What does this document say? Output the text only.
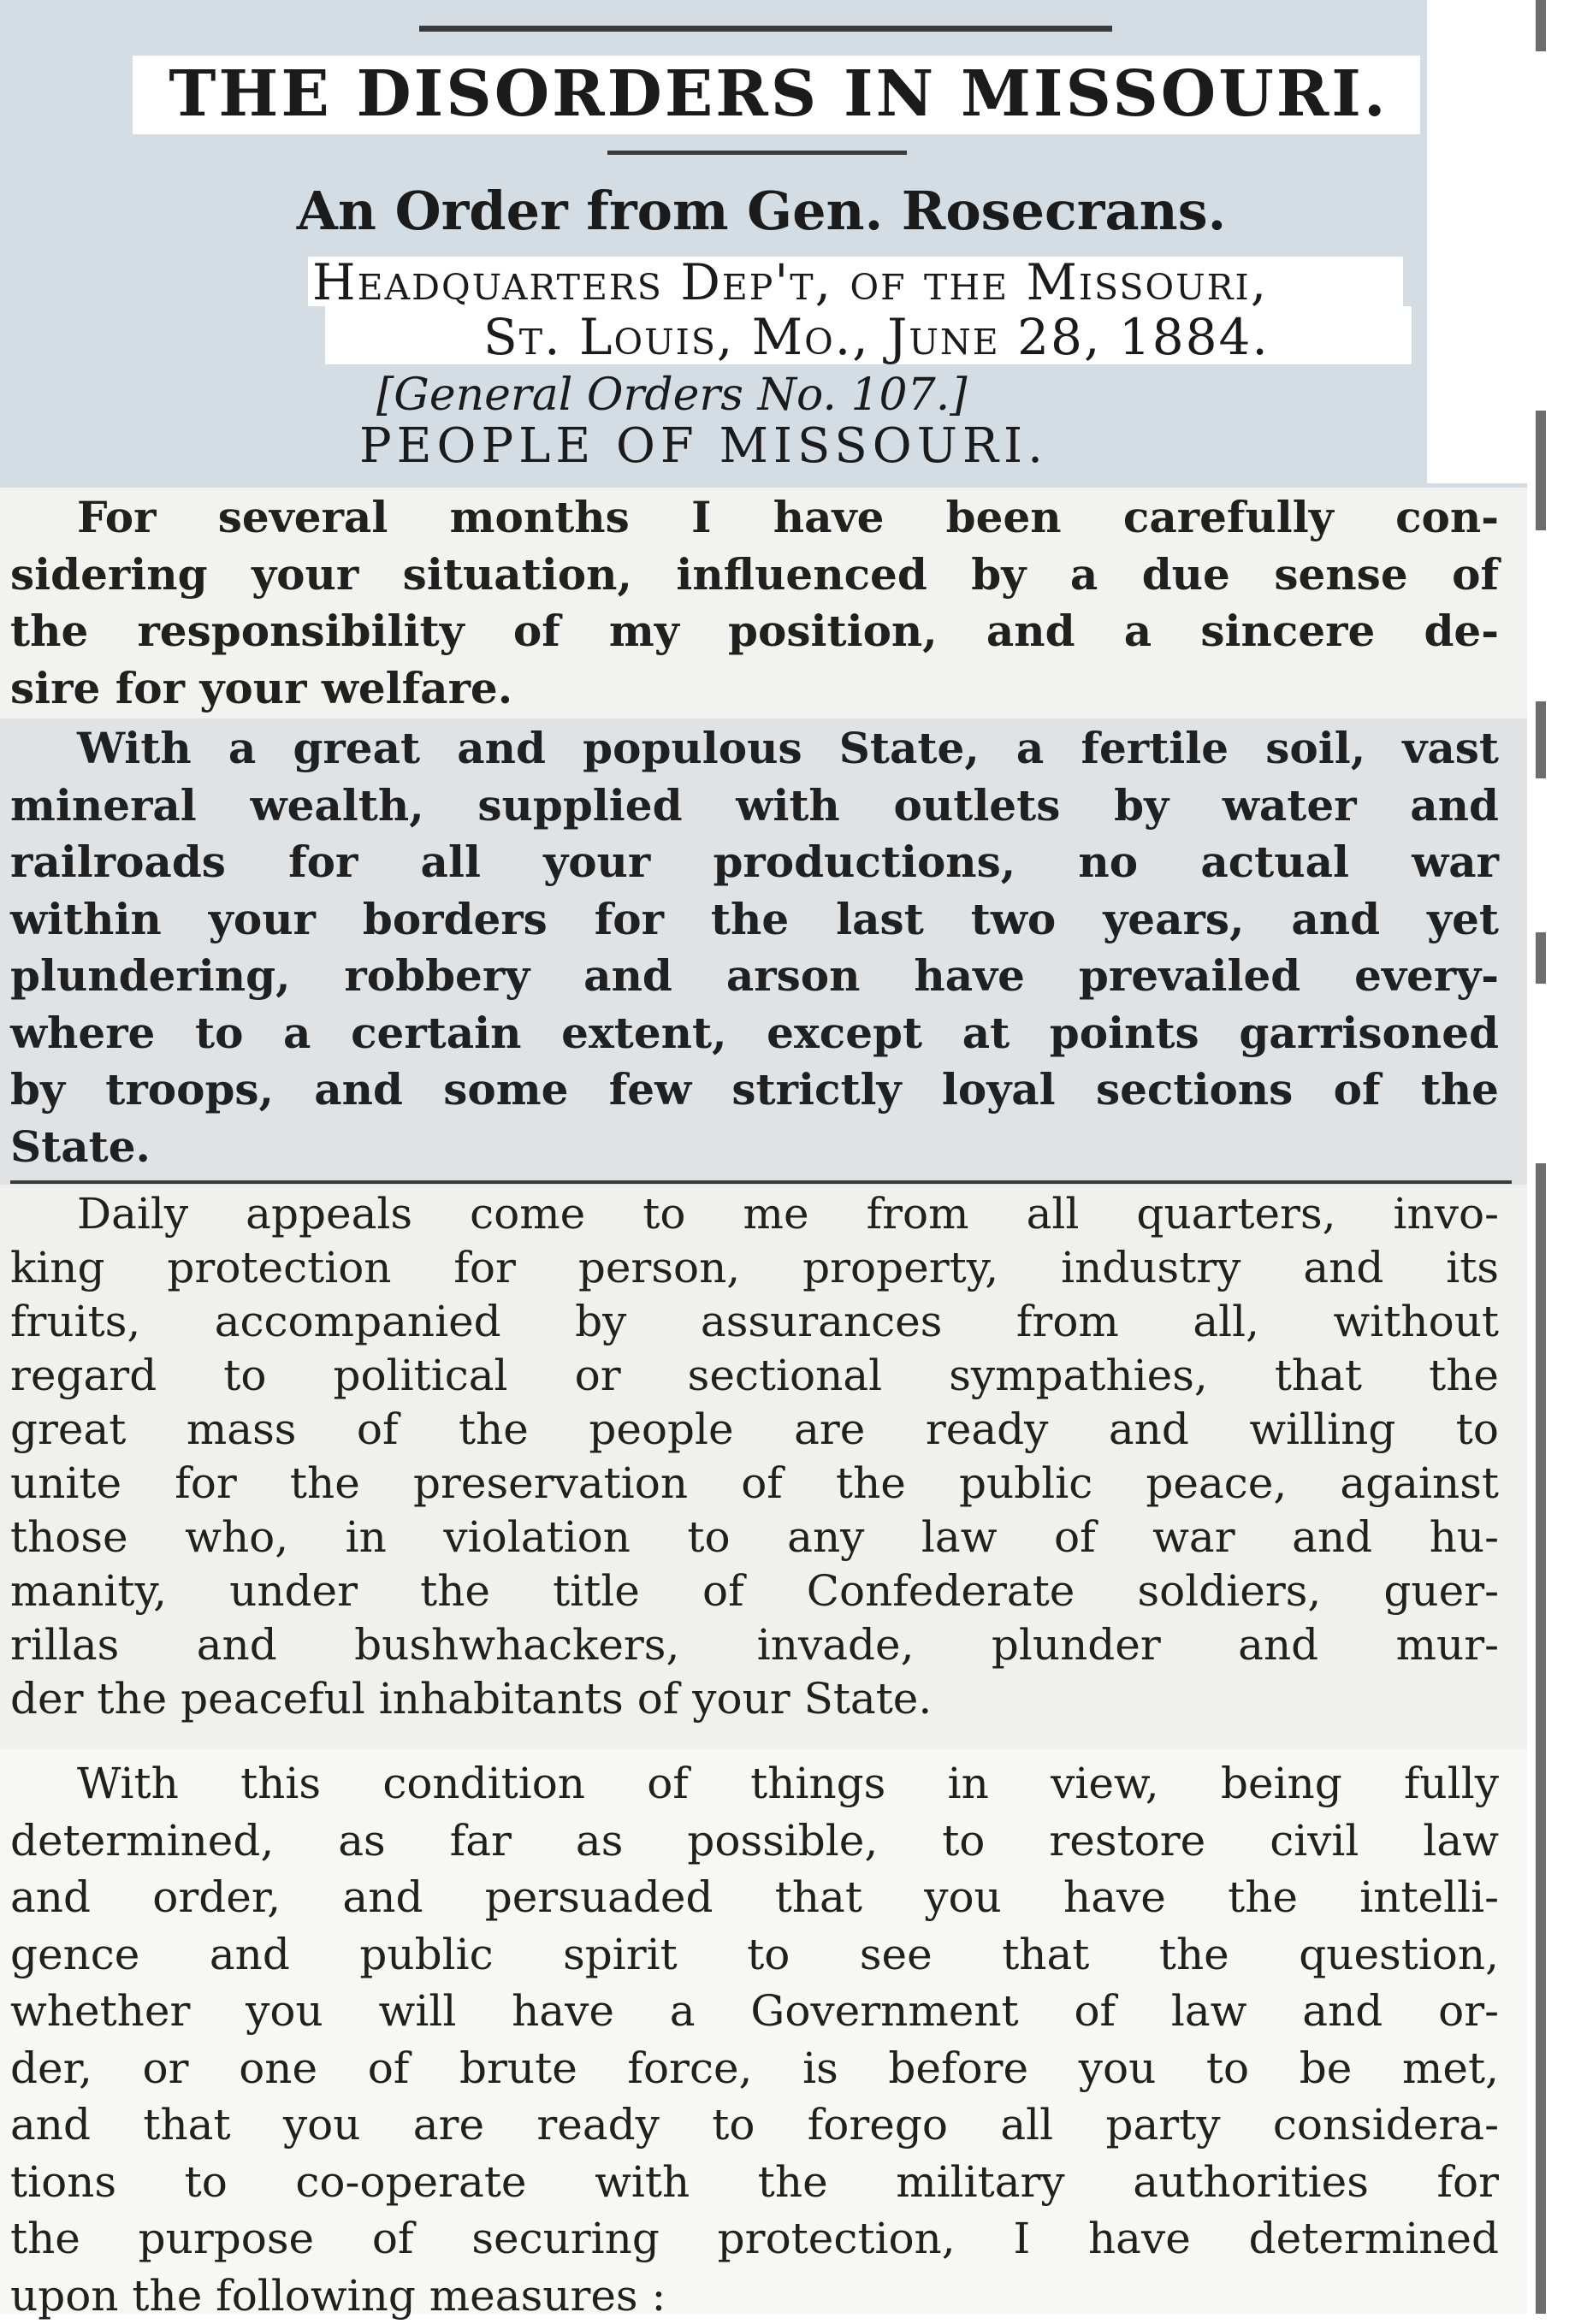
THE DISORDERS IN MISSOURI.
An Order from Gen. Rosecrans.
Headquarters Dep't, of the Missouri,
St. Louis, Mo., June 28, 1884.
[General Orders No. 107.]
PEOPLE OF MISSOURI.
For several months I have been carefully con-
sidering your situation, influenced by a due sense of
the responsibility of my position, and a sincere de-
sire for your welfare.
With a great and populous State, a fertile soil, vast
mineral wealth, supplied with outlets by water and
railroads for all your productions, no actual war
within your borders for the last two years, and yet
plundering, robbery and arson have prevailed every-
where to a certain extent, except at points garrisoned
by troops, and some few strictly loyal sections of the
State.
Daily appeals come to me from all quarters, invo-
king protection for person, property, industry and its
fruits, accompanied by assurances from all, without
regard to political or sectional sympathies, that the
great mass of the people are ready and willing to
unite for the preservation of the public peace, against
those who, in violation to any law of war and hu-
manity, under the title of Confederate soldiers, guer-
rillas and bushwhackers, invade, plunder and mur-
der the peaceful inhabitants of your State.
With this condition of things in view, being fully
determined, as far as possible, to restore civil law
and order, and persuaded that you have the intelli-
gence and public spirit to see that the question,
whether you will have a Government of law and or-
der, or one of brute force, is before you to be met,
and that you are ready to forego all party considera-
tions to co-operate with the military authorities for
the purpose of securing protection, I have determined
upon the following measures :
